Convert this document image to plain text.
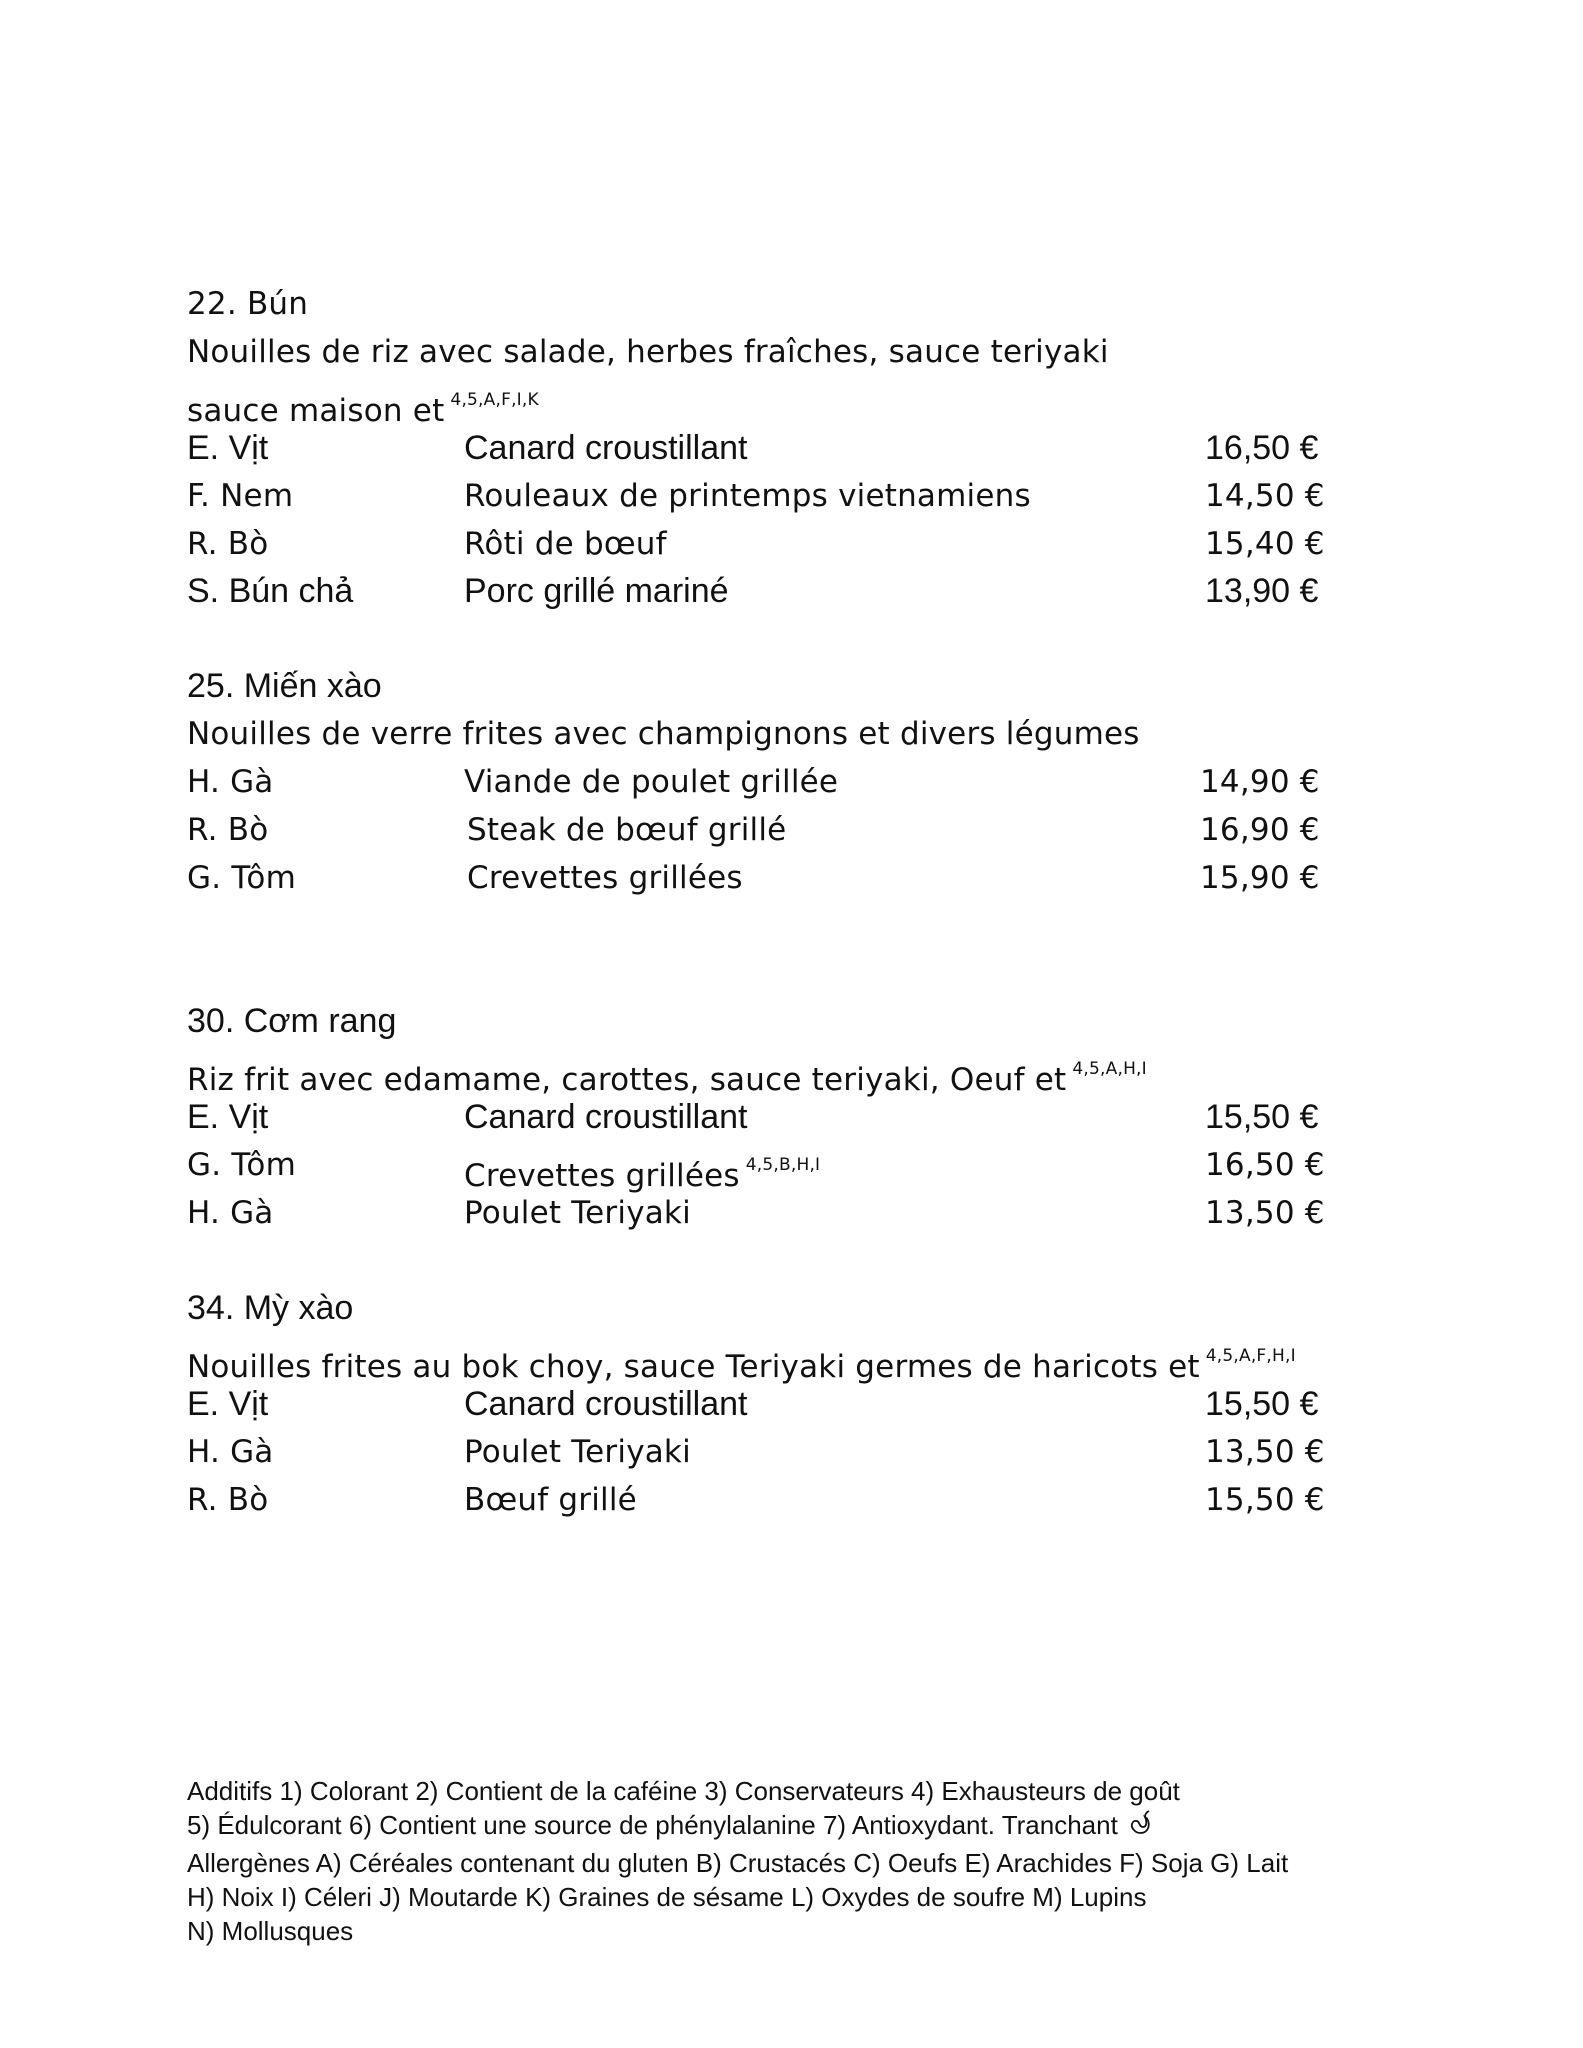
22. Bún
Nouilles de riz avec salade, herbes fraîches, sauce teriyaki
sauce maison et $^{4,5,A,F,I,K}$
E. Vịt	Canard croustillant	16,50 €
F. Nem	Rouleaux de printemps vietnamiens	14,50 €
R. Bò	Rôti de bœuf	15,40 €
S. Bún chả	Porc grillé mariné	13,90 €
25. Miến xào
Nouilles de verre frites avec champignons et divers légumes
H. Gà	Viande de poulet grillée	14,90 €
R. Bò	Steak de bœuf grillé	16,90 €
G. Tôm	Crevettes grillées	15,90 €
30. Cơm rang
Riz frit avec edamame, carottes, sauce teriyaki, Oeuf et $^{4,5,A,H,I}$
E. Vịt	Canard croustillant	15,50 €
G. Tôm	Crevettes grillées $^{4,5,B,H,I}$	16,50 €
H. Gà	Poulet Teriyaki	13,50 €
34. Mỳ xào
Nouilles frites au bok choy, sauce Teriyaki germes de haricots et $^{4,5,A,F,H,I}$
E. Vịt	Canard croustillant	15,50 €
H. Gà	Poulet Teriyaki	13,50 €
R. Bò	Bœuf grillé	15,50 €
Additifs 1) Colorant 2) Contient de la caféine 3) Conservateurs 4) Exhausteurs de goût
5) Édulcorant 6) Contient une source de phénylalanine 7) Antioxydant. Tranchant
Allergènes A) Céréales contenant du gluten B) Crustacés C) Oeufs E) Arachides F) Soja G) Lait
H) Noix I) Céleri J) Moutarde K) Graines de sésame L) Oxydes de soufre M) Lupins
N) Mollusques
